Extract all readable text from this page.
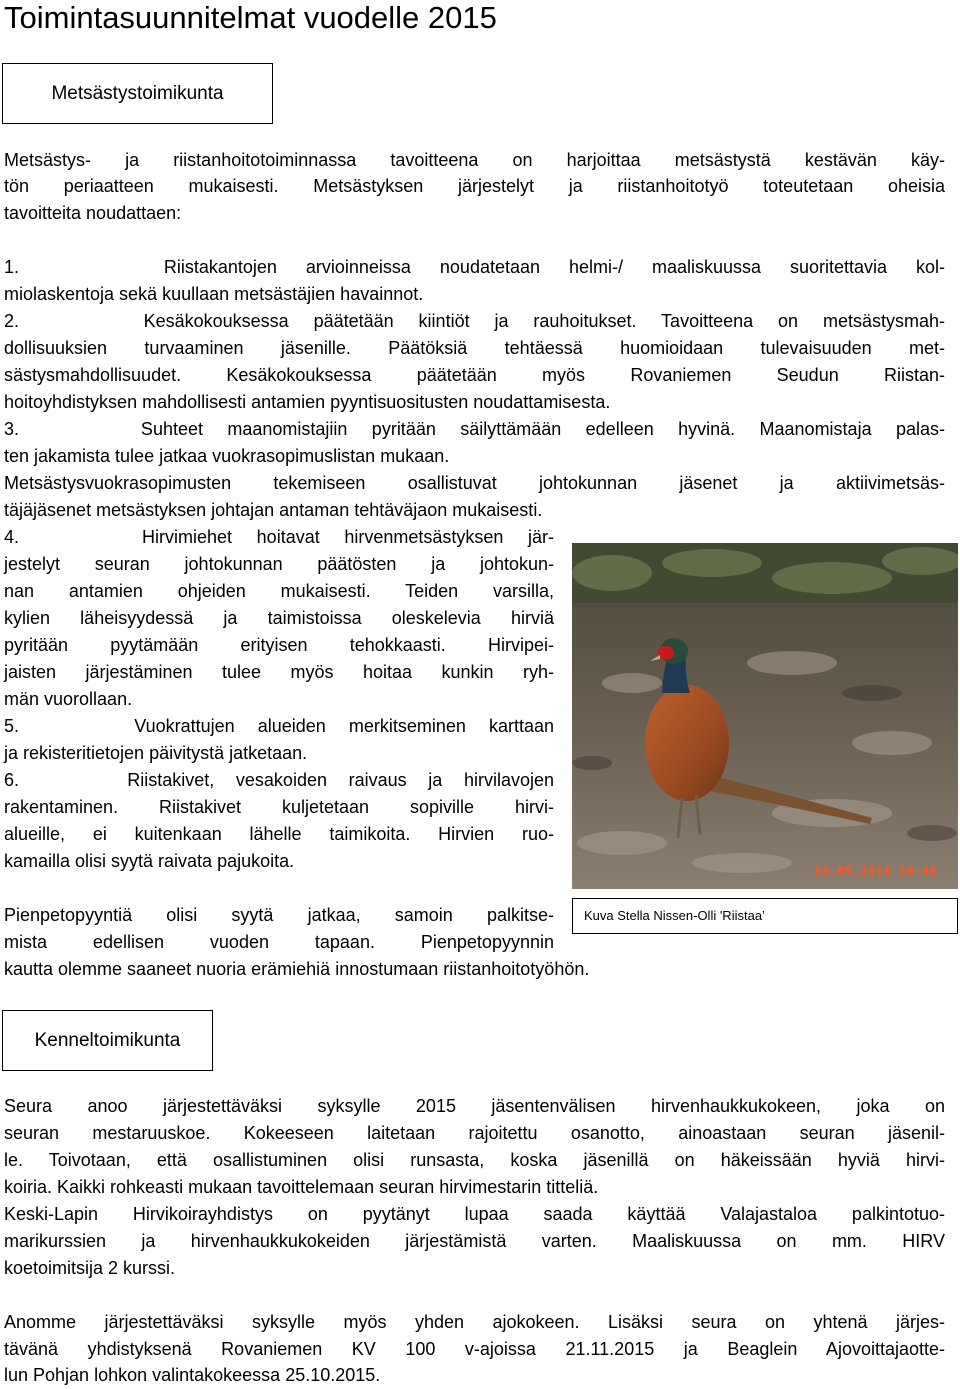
Toimintasuunnitelmat vuodelle 2015
Metsästystoimikunta
Metsästys- ja riistanhoitotoiminnassa tavoitteena on harjoittaa metsästystä kestävän käy-
tön periaatteen mukaisesti. Metsästyksen järjestelyt ja riistanhoitotyö toteutetaan oheisia
tavoitteita noudattaen:
1.     Riistakantojen arvioinneissa noudatetaan helmi-/ maaliskuussa suoritettavia kol-
miolaskentoja sekä kuullaan metsästäjien havainnot.
2.     Kesäkokouksessa päätetään kiintiöt ja rauhoitukset. Tavoitteena on metsästysmah-
dollisuuksien turvaaminen jäsenille. Päätöksiä tehtäessä huomioidaan tulevaisuuden met-
sästysmahdollisuudet. Kesäkokouksessa päätetään myös Rovaniemen Seudun Riistan-
hoitoyhdistyksen mahdollisesti antamien pyyntisuositusten noudattamisesta.
3.     Suhteet maanomistajiin pyritään säilyttämään edelleen hyvinä. Maanomistaja palas-
ten jakamista tulee jatkaa vuokrasopimuslistan mukaan.
Metsästysvuokrasopimusten tekemiseen osallistuvat johtokunnan jäsenet ja aktiivimetsäs-
täjäjäsenet metsästyksen johtajan antaman tehtäväjaon mukaisesti.
4.     Hirvimiehet hoitavat hirvenmetsästyksen jär-
jestelyt seuran johtokunnan päätösten ja johtokun-
nan antamien ohjeiden mukaisesti. Teiden varsilla,
kylien läheisyydessä ja taimistoissa oleskelevia hirviä
pyritään pyytämään erityisen tehokkaasti. Hirvipei-
jaisten järjestäminen tulee myös hoitaa kunkin ryh-
män vuorollaan.
5.     Vuokrattujen alueiden merkitseminen karttaan
ja rekisteritietojen päivitystä jatketaan.
6.     Riistakivet, vesakoiden raivaus ja hirvilavojen
rakentaminen. Riistakivet kuljetetaan sopiville hirvi-
alueille, ei kuitenkaan lähelle taimikoita. Hirvien ruo-
kamailla olisi syytä raivata pajukoita.
Pienpetopyyntiä olisi syytä jatkaa, samoin palkitse-
mista edellisen vuoden tapaan. Pienpetopyynnin
kautta olemme saaneet nuoria erämiehiä innostumaan riistanhoitotyöhön.
24.05.2014 16:46
Kuva Stella Nissen-Olli 'Riistaa’
Kenneltoimikunta
Seura anoo järjestettäväksi syksylle 2015 jäsentenvälisen hirvenhaukkukokeen, joka on
seuran mestaruuskoe. Kokeeseen laitetaan rajoitettu osanotto, ainoastaan seuran jäsenil-
le. Toivotaan, että osallistuminen olisi runsasta, koska jäsenillä on häkeissään hyviä hirvi-
koiria. Kaikki rohkeasti mukaan tavoittelemaan seuran hirvimestarin titteliä.
Keski-Lapin Hirvikoirayhdistys on pyytänyt lupaa saada käyttää Valajastaloa palkintotuo-
marikurssien ja hirvenhaukkukokeiden järjestämistä varten. Maaliskuussa on mm. HIRV
koetoimitsija 2 kurssi.
Anomme järjestettäväksi syksylle myös yhden ajokokeen. Lisäksi seura on yhtenä järjes-
tävänä yhdistyksenä Rovaniemen KV 100 v-ajoissa 21.11.2015 ja Beaglein Ajovoittajaotte-
lun Pohjan lohkon valintakokeessa 25.10.2015.
